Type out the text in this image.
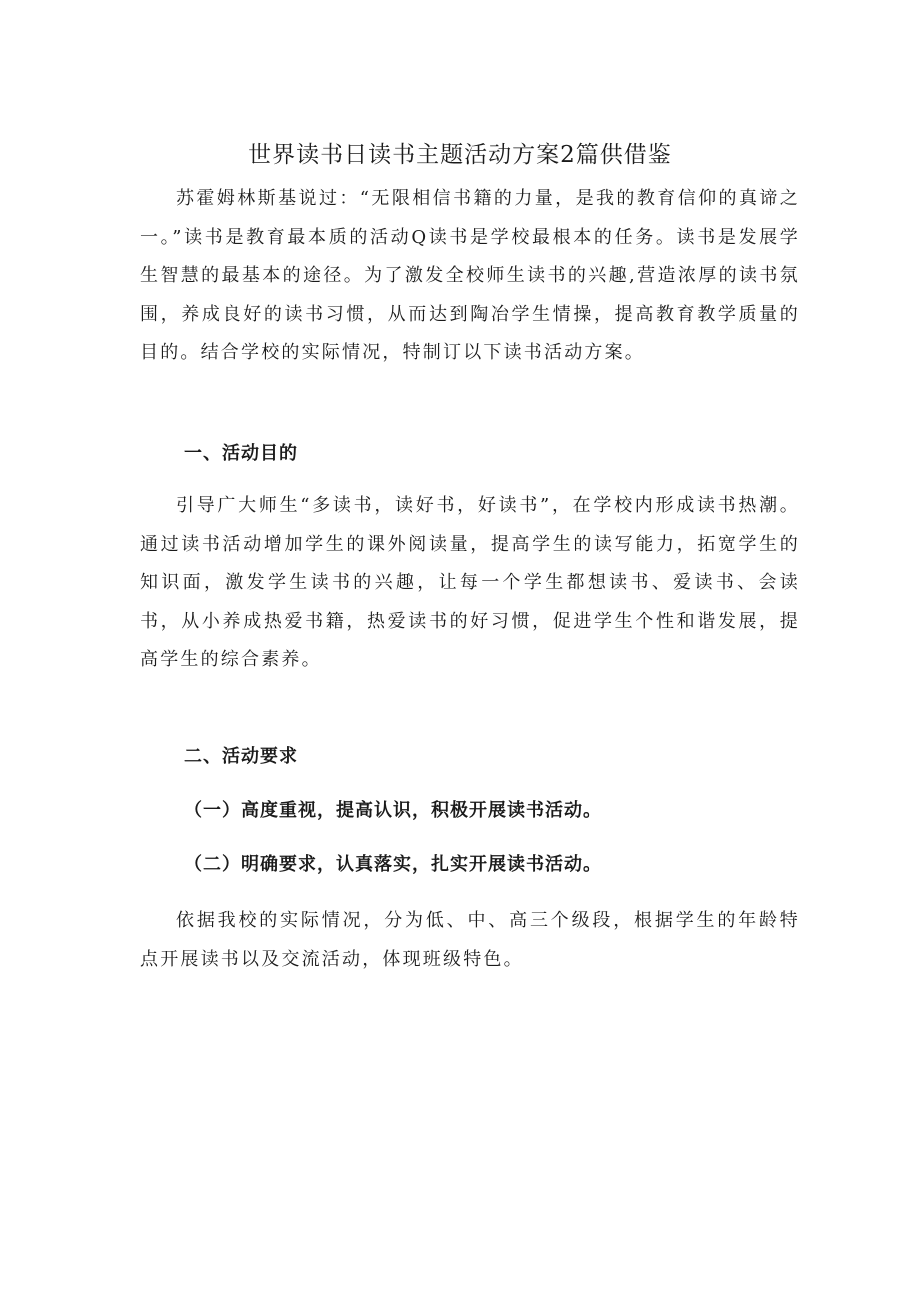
世界读书日读书主题活动方案2篇供借鉴

苏霍姆林斯基说过：“无限相信书籍的力量，是我的教育信仰的真谛之一。”读书是教育最本质的活动Q读书是学校最根本的任务。读书是发展学生智慧的最基本的途径。为了激发全校师生读书的兴趣,营造浓厚的读书氛围，养成良好的读书习惯，从而达到陶冶学生情操，提高教育教学质量的目的。结合学校的实际情况，特制订以下读书活动方案。

一、活动目的

引导广大师生“多读书，读好书，好读书”，在学校内形成读书热潮。通过读书活动增加学生的课外阅读量，提高学生的读写能力，拓宽学生的知识面，激发学生读书的兴趣，让每一个学生都想读书、爱读书、会读书，从小养成热爱书籍，热爱读书的好习惯，促进学生个性和谐发展，提高学生的综合素养。

二、活动要求

（一）高度重视，提高认识，积极开展读书活动。

（二）明确要求，认真落实，扎实开展读书活动。

依据我校的实际情况，分为低、中、高三个级段，根据学生的年龄特点开展读书以及交流活动，体现班级特色。
